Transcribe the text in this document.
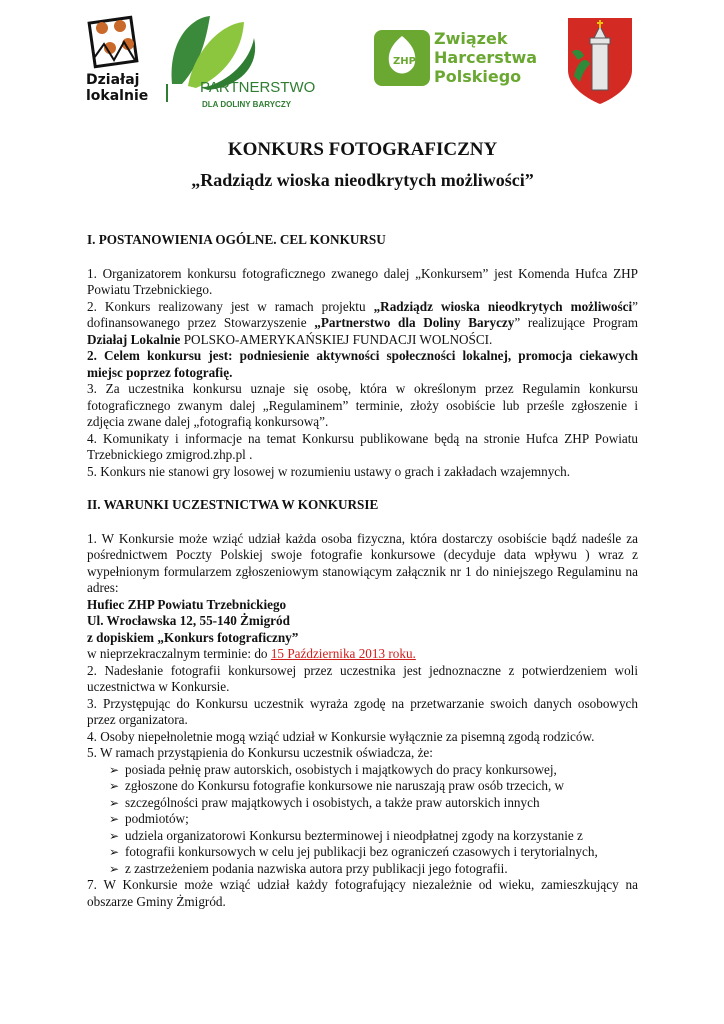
Działaj
lokalnie	PARTNERSTWO
DLA DOLINY BARYCZY
ZHP
Związek
Harcerstwa
Polskiego
KONKURS FOTOGRAFICZNY
„Radziądz wioska nieodkrytych możliwości”

I. POSTANOWIENIA OGÓLNE. CEL KONKURSU

1. Organizatorem konkursu fotograficznego zwanego dalej „Konkursem” jest Komenda Hufca ZHP Powiatu Trzebnickiego.

2. Konkurs realizowany jest w ramach projektu „Radziądz wioska nieodkrytych możliwości” dofinansowanego przez Stowarzyszenie „Partnerstwo dla Doliny Baryczy” realizujące Program Działaj Lokalnie POLSKO-AMERYKAŃSKIEJ FUNDACJI WOLNOŚCI.

2. Celem konkursu jest: podniesienie aktywności społeczności lokalnej, promocja ciekawych miejsc poprzez fotografię.

3. Za uczestnika konkursu uznaje się osobę, która w określonym przez Regulamin konkursu fotograficznego zwanym dalej „Regulaminem” terminie, złoży osobiście lub prześle zgłoszenie i zdjęcia zwane dalej „fotografią konkursową”.

4. Komunikaty i informacje na temat Konkursu publikowane będą na stronie Hufca ZHP Powiatu Trzebnickiego zmigrod.zhp.pl .

5. Konkurs nie stanowi gry losowej w rozumieniu ustawy o grach i zakładach wzajemnych.

II. WARUNKI UCZESTNICTWA W KONKURSIE

1. W Konkursie może wziąć udział każda osoba fizyczna, która dostarczy osobiście bądź nadeśle za pośrednictwem Poczty Polskiej swoje fotografie konkursowe (decyduje data wpływu ) wraz z wypełnionym formularzem zgłoszeniowym stanowiącym załącznik nr 1 do niniejszego Regulaminu na adres:

Hufiec ZHP Powiatu Trzebnickiego

Ul. Wrocławska 12, 55-140 Żmigród

z dopiskiem „Konkurs fotograficzny”

w nieprzekraczalnym terminie: do 15 Października 2013 roku.

2. Nadesłanie fotografii konkursowej przez uczestnika jest jednoznaczne z potwierdzeniem woli uczestnictwa w Konkursie.

3. Przystępując do Konkursu uczestnik wyraża zgodę na przetwarzanie swoich danych osobowych przez organizatora.

4. Osoby niepełnoletnie mogą wziąć udział w Konkursie wyłącznie za pisemną zgodą rodziców.

5. W ramach przystąpienia do Konkursu uczestnik oświadcza, że:

➢ posiada pełnię praw autorskich, osobistych i majątkowych do pracy konkursowej,
➢ zgłoszone do Konkursu fotografie konkursowe nie naruszają praw osób trzecich, w
➢ szczególności praw majątkowych i osobistych, a także praw autorskich innych
➢ podmiotów;
➢ udziela organizatorowi Konkursu bezterminowej i nieodpłatnej zgody na korzystanie z
➢ fotografii konkursowych w celu jej publikacji bez ograniczeń czasowych i terytorialnych,
➢ z zastrzeżeniem podania nazwiska autora przy publikacji jego fotografii.

7. W Konkursie może wziąć udział każdy fotografujący niezależnie od wieku, zamieszkujący na obszarze Gminy Żmigród.
